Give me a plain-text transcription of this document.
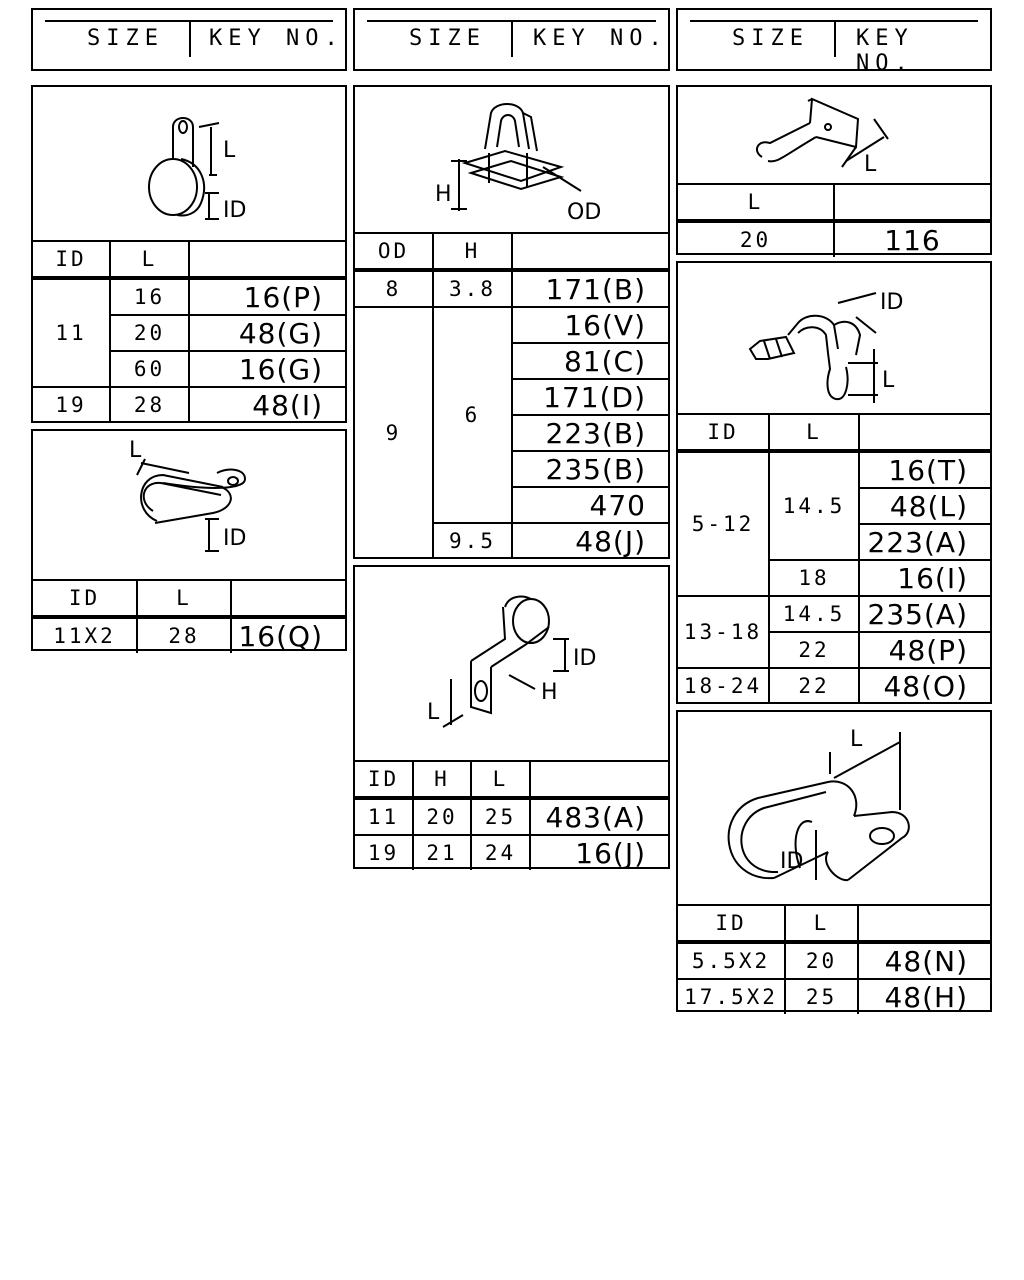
SIZE KEY NO.	SIZE KEY NO.	SIZE KEY NO.
L
ID
ID	L	
11	16	16(P)
	20	48(G)
	60	16(G)
19	28	48(I)
L
ID
ID	L	
11X2	28	16(Q)
H
OD
OD	H	
8	3.8	171(B)
9	6	16(V)
		81(C)
		171(D)
		223(B)
		235(B)
		470
	9.5	48(J)
ID
H
L
ID	H	L	
11	20	25	483(A)
19	21	24	16(J)
L
L	
20	116
ID
L
ID	L	
5-12	14.5	16(T)
		48(L)
		223(A)
	18	16(I)
13-18	14.5	235(A)
	22	48(P)
18-24	22	48(O)
L
ID
ID	L	
5.5X2	20	48(N)
17.5X2	25	48(H)
